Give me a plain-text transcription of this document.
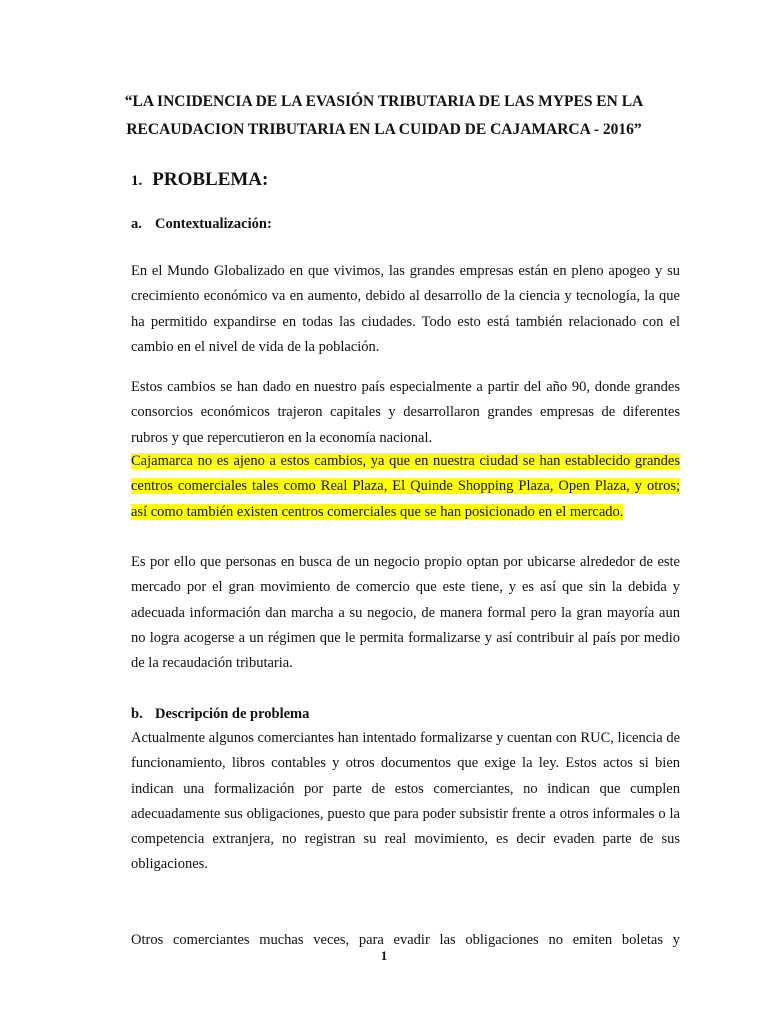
“LA INCIDENCIA DE LA EVASIÓN TRIBUTARIA DE LAS MYPES EN LA RECAUDACION TRIBUTARIA EN LA CUIDAD DE CAJAMARCA - 2016”
1. PROBLEMA:
a. Contextualización:

En el Mundo Globalizado en que vivimos, las grandes empresas están en pleno apogeo y su crecimiento económico va en aumento, debido al desarrollo de la ciencia y tecnología, la que ha permitido expandirse en todas las ciudades. Todo esto está también relacionado con el cambio en el nivel de vida de la población.

Estos cambios se han dado en nuestro país especialmente a partir del año 90, donde grandes consorcios económicos trajeron capitales y desarrollaron grandes empresas de diferentes rubros y que repercutieron en la economía nacional.

Cajamarca no es ajeno a estos cambios, ya que en nuestra ciudad se han establecido grandes centros comerciales tales como Real Plaza, El Quinde Shopping Plaza, Open Plaza, y otros; así como también existen centros comerciales que se han posicionado en el mercado.

Es por ello que personas en busca de un negocio propio optan por ubicarse alrededor de este mercado por el gran movimiento de comercio que este tiene, y es así que sin la debida y adecuada información dan marcha a su negocio, de manera formal pero la gran mayoría aun no logra acogerse a un régimen que le permita formalizarse y así contribuir al país por medio de la recaudación tributaria.

b. Descripción de problema

Actualmente algunos comerciantes han intentado formalizarse y cuentan con RUC, licencia de funcionamiento, libros contables y otros documentos que exige la ley. Estos actos si bien indican una formalización por parte de estos comerciantes, no indican que cumplen adecuadamente sus obligaciones, puesto que para poder subsistir frente a otros informales o la competencia extranjera, no registran su real movimiento, es decir evaden parte de sus obligaciones.

Otros comerciantes muchas veces, para evadir las obligaciones no emiten boletas y

1
